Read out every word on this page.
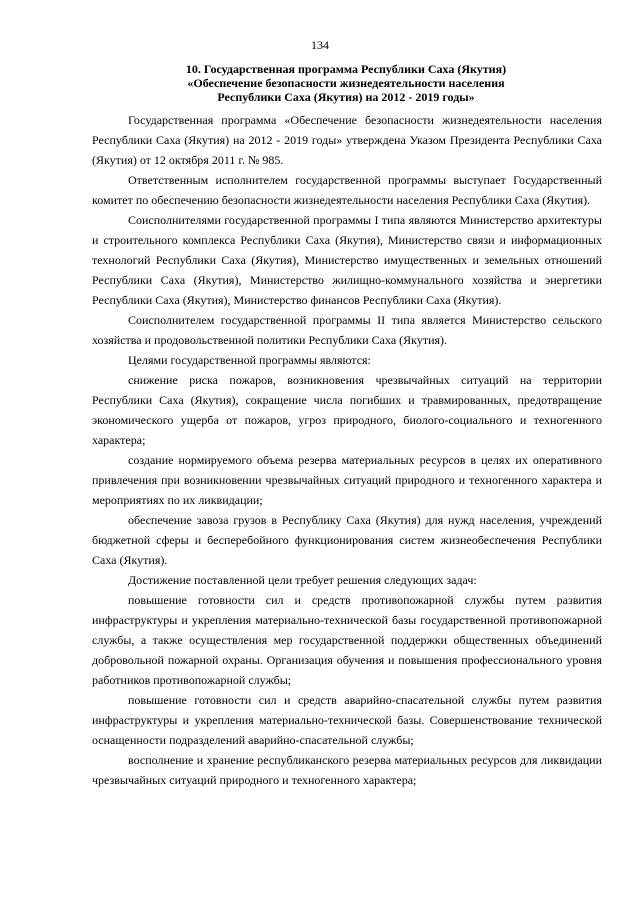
134
10. Государственная программа Республики Саха (Якутия)
«Обеспечение безопасности жизнедеятельности населения
Республики Саха (Якутия) на 2012 - 2019 годы»

Государственная программа «Обеспечение безопасности жизнедеятельности населения Республики Саха (Якутия) на 2012 - 2019 годы» утверждена Указом Президента Республики Саха (Якутия) от 12 октября 2011 г. № 985.

Ответственным исполнителем государственной программы выступает Государственный комитет по обеспечению безопасности жизнедеятельности населения Республики Саха (Якутия).

Соисполнителями государственной программы I типа являются Министерство архитектуры и строительного комплекса Республики Саха (Якутия), Министерство связи и информационных технологий Республики Саха (Якутия), Министерство имущественных и земельных отношений Республики Саха (Якутия), Министерство жилищно-коммунального хозяйства и энергетики Республики Саха (Якутия), Министерство финансов Республики Саха (Якутия).

Соисполнителем государственной программы II типа является Министерство сельского хозяйства и продовольственной политики Республики Саха (Якутия).

Целями государственной программы являются:

снижение риска пожаров, возникновения чрезвычайных ситуаций на территории Республики Саха (Якутия), сокращение числа погибших и травмированных, предотвращение экономического ущерба от пожаров, угроз природного, биолого-социального и техногенного характера;

создание нормируемого объема резерва материальных ресурсов в целях их оперативного привлечения при возникновении чрезвычайных ситуаций природного и техногенного характера и мероприятиях по их ликвидации;

обеспечение завоза грузов в Республику Саха (Якутия) для нужд населения, учреждений бюджетной сферы и бесперебойного функционирования систем жизнеобеспечения Республики Саха (Якутия).

Достижение поставленной цели требует решения следующих задач:

повышение готовности сил и средств противопожарной службы путем развития инфраструктуры и укрепления материально-технической базы государственной противопожарной службы, а также осуществления мер государственной поддержки общественных объединений добровольной пожарной охраны. Организация обучения и повышения профессионального уровня работников противопожарной службы;

повышение готовности сил и средств аварийно-спасательной службы путем развития инфраструктуры и укрепления материально-технической базы. Совершенствование технической оснащенности подразделений аварийно-спасательной службы;

восполнение и хранение республиканского резерва материальных ресурсов для ликвидации чрезвычайных ситуаций природного и техногенного характера;
